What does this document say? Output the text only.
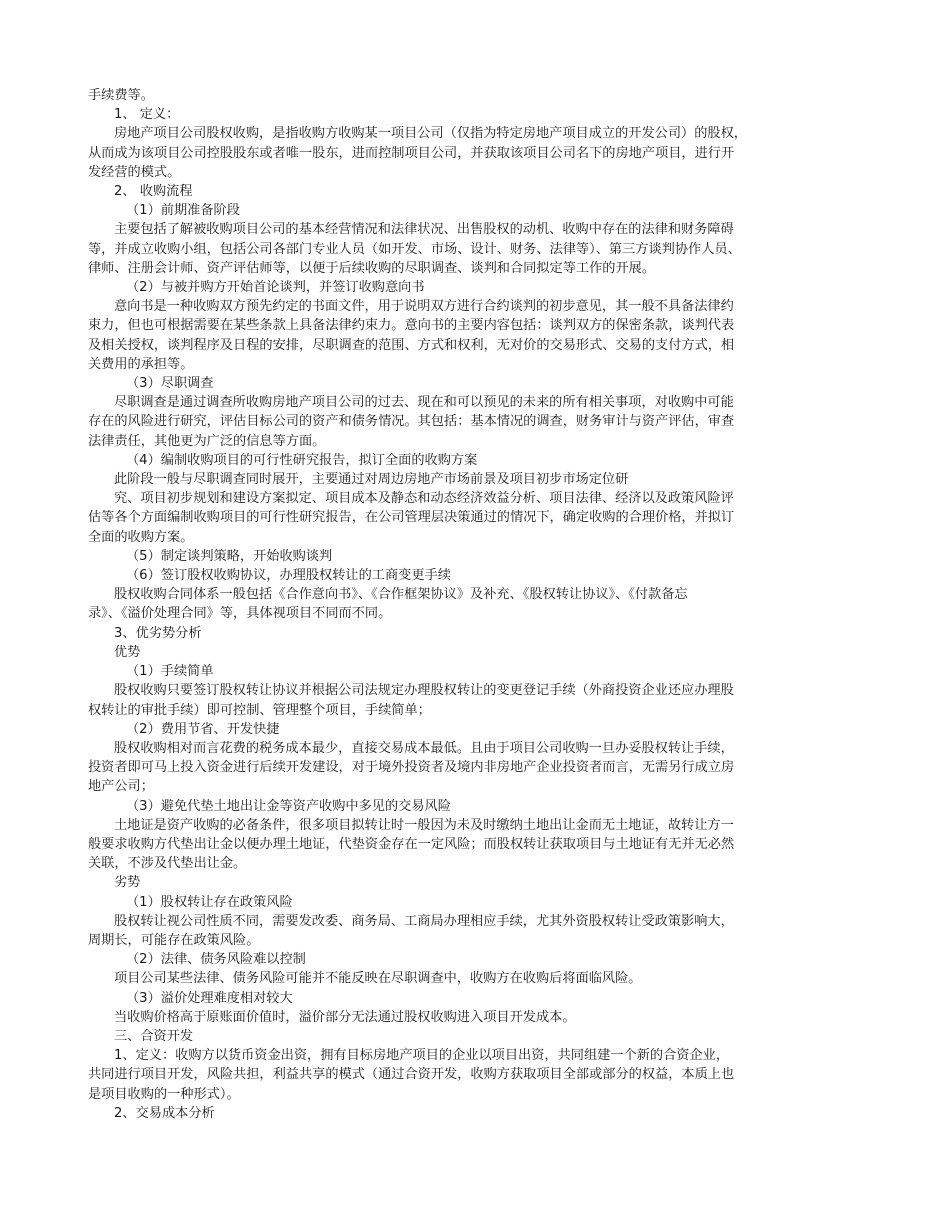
手续费等。
1、 定义：
房地产项目公司股权收购，是指收购方收购某一项目公司（仅指为特定房地产项目成立的开发公司）的股权，
从而成为该项目公司控股股东或者唯一股东，进而控制项目公司，并获取该项目公司名下的房地产项目，进行开
发经营的模式。
2、 收购流程
（1）前期准备阶段
主要包括了解被收购项目公司的基本经营情况和法律状况、出售股权的动机、收购中存在的法律和财务障碍
等，并成立收购小组，包括公司各部门专业人员（如开发、市场、设计、财务、法律等）、第三方谈判协作人员、
律师、注册会计师、资产评估师等，以便于后续收购的尽职调查、谈判和合同拟定等工作的开展。
（2）与被并购方开始首论谈判，并签订收购意向书
意向书是一种收购双方预先约定的书面文件，用于说明双方进行合约谈判的初步意见，其一般不具备法律约
束力，但也可根据需要在某些条款上具备法律约束力。意向书的主要内容包括：谈判双方的保密条款，谈判代表
及相关授权，谈判程序及日程的安排，尽职调查的范围、方式和权利，无对价的交易形式、交易的支付方式，相
关费用的承担等。
（3）尽职调查
尽职调查是通过调查所收购房地产项目公司的过去、现在和可以预见的未来的所有相关事项，对收购中可能
存在的风险进行研究，评估目标公司的资产和债务情况。其包括：基本情况的调查，财务审计与资产评估，审查
法律责任，其他更为广泛的信息等方面。
（4）编制收购项目的可行性研究报告，拟订全面的收购方案
此阶段一般与尽职调查同时展开，主要通过对周边房地产市场前景及项目初步市场定位研
究、项目初步规划和建设方案拟定、项目成本及静态和动态经济效益分析、项目法律、经济以及政策风险评
估等各个方面编制收购项目的可行性研究报告，在公司管理层决策通过的情况下，确定收购的合理价格，并拟订
全面的收购方案。
（5）制定谈判策略，开始收购谈判
（6）签订股权收购协议，办理股权转让的工商变更手续
股权收购合同体系一般包括《合作意向书》、《合作框架协议》及补充、《股权转让协议》、《付款备忘
录》、《溢价处理合同》等，具体视项目不同而不同。
3、优劣势分析
优势
（1）手续简单
股权收购只要签订股权转让协议并根据公司法规定办理股权转让的变更登记手续（外商投资企业还应办理股
权转让的审批手续）即可控制、管理整个项目，手续简单；
（2）费用节省、开发快捷
股权收购相对而言花费的税务成本最少，直接交易成本最低。且由于项目公司收购一旦办妥股权转让手续，
投资者即可马上投入资金进行后续开发建设，对于境外投资者及境内非房地产企业投资者而言，无需另行成立房
地产公司；
（3）避免代垫土地出让金等资产收购中多见的交易风险
土地证是资产收购的必备条件，很多项目拟转让时一般因为未及时缴纳土地出让金而无土地证，故转让方一
般要求收购方代垫出让金以便办理土地证，代垫资金存在一定风险；而股权转让获取项目与土地证有无并无必然
关联，不涉及代垫出让金。
劣势
（1）股权转让存在政策风险
股权转让视公司性质不同，需要发改委、商务局、工商局办理相应手续，尤其外资股权转让受政策影响大，
周期长，可能存在政策风险。
（2）法律、债务风险难以控制
项目公司某些法律、债务风险可能并不能反映在尽职调查中，收购方在收购后将面临风险。
（3）溢价处理难度相对较大
当收购价格高于原账面价值时，溢价部分无法通过股权收购进入项目开发成本。
三、合资开发
1、定义：收购方以货币资金出资，拥有目标房地产项目的企业以项目出资，共同组建一个新的合资企业，
共同进行项目开发，风险共担，利益共享的模式（通过合资开发，收购方获取项目全部或部分的权益，本质上也
是项目收购的一种形式）。
2、交易成本分析
